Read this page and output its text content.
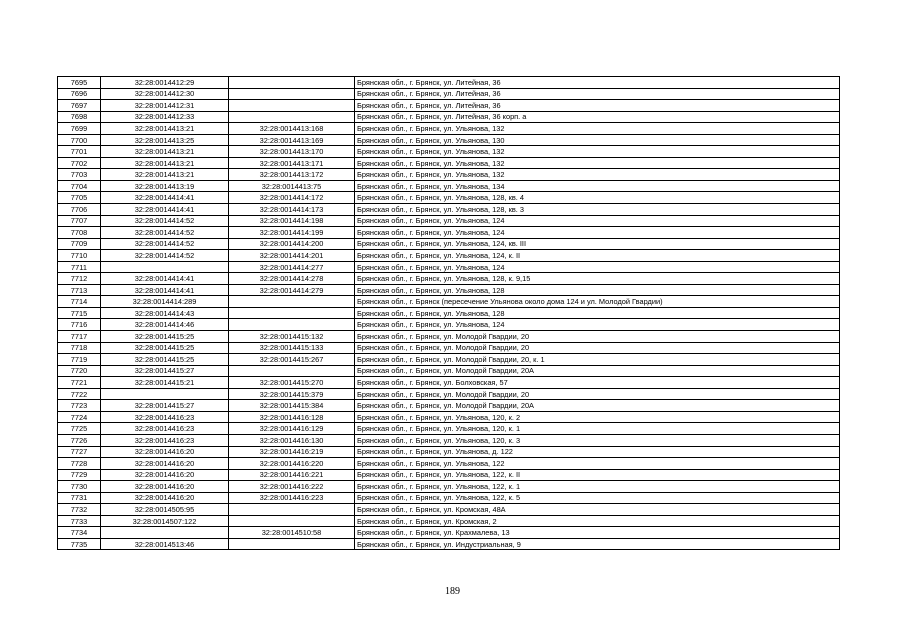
7695	32:28:0014412:29		Брянская обл., г. Брянск, ул. Литейная, 36
7696	32:28:0014412:30		Брянская обл., г. Брянск, ул. Литейная, 36
7697	32:28:0014412:31		Брянская обл., г. Брянск, ул. Литейная, 36
7698	32:28:0014412:33		Брянская обл., г. Брянск, ул. Литейная, 36 корп. а
7699	32:28:0014413:21	32:28:0014413:168	Брянская обл., г. Брянск, ул. Ульянова, 132
7700	32:28:0014413:25	32:28:0014413:169	Брянская обл., г. Брянск, ул. Ульянова, 130
7701	32:28:0014413:21	32:28:0014413:170	Брянская обл., г. Брянск, ул. Ульянова, 132
7702	32:28:0014413:21	32:28:0014413:171	Брянская обл., г. Брянск, ул. Ульянова, 132
7703	32:28:0014413:21	32:28:0014413:172	Брянская обл., г. Брянск, ул. Ульянова, 132
7704	32:28:0014413:19	32:28:0014413:75	Брянская обл., г. Брянск, ул. Ульянова, 134
7705	32:28:0014414:41	32:28:0014414:172	Брянская обл., г. Брянск, ул. Ульянова, 128, кв. 4
7706	32:28:0014414:41	32:28:0014414:173	Брянская обл., г. Брянск, ул. Ульянова, 128, кв. 3
7707	32:28:0014414:52	32:28:0014414:198	Брянская обл., г. Брянск, ул. Ульянова, 124
7708	32:28:0014414:52	32:28:0014414:199	Брянская обл., г. Брянск, ул. Ульянова, 124
7709	32:28:0014414:52	32:28:0014414:200	Брянская обл., г. Брянск, ул. Ульянова, 124, кв. III
7710	32:28:0014414:52	32:28:0014414:201	Брянская обл., г. Брянск, ул. Ульянова, 124, к. II
7711		32:28:0014414:277	Брянская обл., г. Брянск, ул. Ульянова, 124
7712	32:28:0014414:41	32:28:0014414:278	Брянская обл., г. Брянск, ул. Ульянова, 128, к. 9,15
7713	32:28:0014414:41	32:28:0014414:279	Брянская обл., г. Брянск, ул. Ульянова, 128
7714	32:28:0014414:289		Брянская обл., г. Брянск (пересечение Ульянова около дома 124 и ул. Молодой Гвардии)
7715	32:28:0014414:43		Брянская обл., г. Брянск, ул. Ульянова, 128
7716	32:28:0014414:46		Брянская обл., г. Брянск, ул. Ульянова, 124
7717	32:28:0014415:25	32:28:0014415:132	Брянская обл., г. Брянск, ул. Молодой Гвардии, 20
7718	32:28:0014415:25	32:28:0014415:133	Брянская обл., г. Брянск, ул. Молодой Гвардии, 20
7719	32:28:0014415:25	32:28:0014415:267	Брянская обл., г. Брянск, ул. Молодой Гвардии, 20, к. 1
7720	32:28:0014415:27		Брянская обл., г. Брянск, ул. Молодой Гвардии, 20А
7721	32:28:0014415:21	32:28:0014415:270	Брянская обл., г. Брянск, ул. Болховская, 57
7722		32:28:0014415:379	Брянская обл., г. Брянск, ул. Молодой Гвардии, 20
7723	32:28:0014415:27	32:28:0014415:384	Брянская обл., г. Брянск, ул. Молодой Гвардии, 20А
7724	32:28:0014416:23	32:28:0014416:128	Брянская обл., г. Брянск, ул. Ульянова, 120, к. 2
7725	32:28:0014416:23	32:28:0014416:129	Брянская обл., г. Брянск, ул. Ульянова, 120, к. 1
7726	32:28:0014416:23	32:28:0014416:130	Брянская обл., г. Брянск, ул. Ульянова, 120, к. 3
7727	32:28:0014416:20	32:28:0014416:219	Брянская обл., г. Брянск, ул. Ульянова, д. 122
7728	32:28:0014416:20	32:28:0014416:220	Брянская обл., г. Брянск, ул. Ульянова, 122
7729	32:28:0014416:20	32:28:0014416:221	Брянская обл., г. Брянск, ул. Ульянова, 122, к. II
7730	32:28:0014416:20	32:28:0014416:222	Брянская обл., г. Брянск, ул. Ульянова, 122, к. 1
7731	32:28:0014416:20	32:28:0014416:223	Брянская обл., г. Брянск, ул. Ульянова, 122, к. 5
7732	32:28:0014505:95		Брянская обл., г. Брянск, ул. Кромская, 48А
7733	32:28:0014507:122		Брянская обл., г. Брянск, ул. Кромская, 2
7734		32:28:0014510:58	Брянская обл., г. Брянск, ул. Крахмалева, 13
7735	32:28:0014513:46		Брянская обл., г. Брянск, ул. Индустриальная, 9
189
